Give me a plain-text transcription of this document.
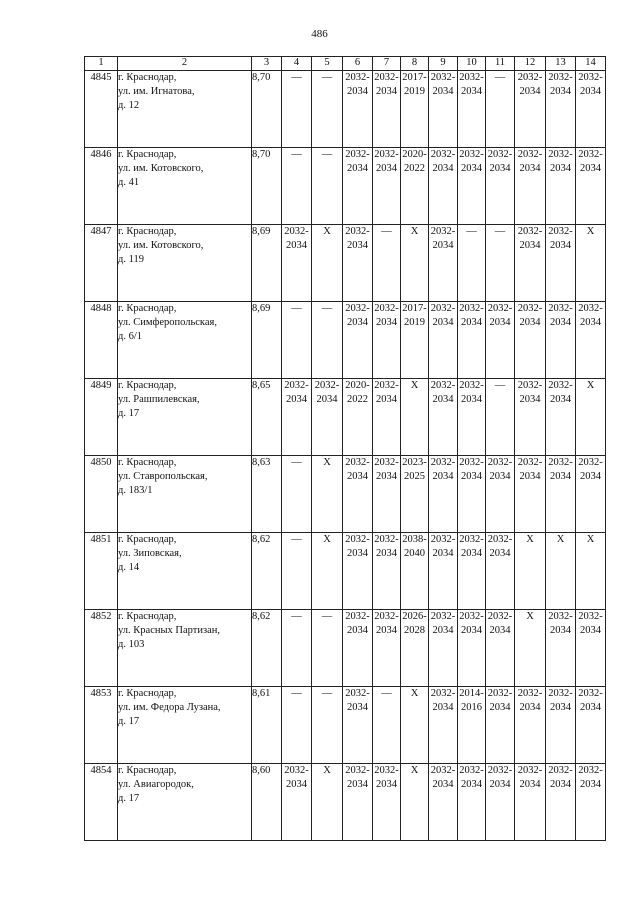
486
1	2	3	4	5	6	7	8	9	10	11	12	13	14
4845	г. Краснодар,
ул. им. Игнатова,
д. 12	8,70	—	—	2032-
2034	2032-
2034	2017-
2019	2032-
2034	2032-
2034	—	2032-
2034	2032-
2034	2032-
2034

4846	г. Краснодар,
ул. им. Котовского,
д. 41	8,70	—	—	2032-
2034	2032-
2034	2020-
2022	2032-
2034	2032-
2034	2032-
2034	2032-
2034	2032-
2034	2032-
2034

4847	г. Краснодар,
ул. им. Котовского,
д. 119	8,69	2032-
2034	X	2032-
2034	—	X	2032-
2034	—	—	2032-
2034	2032-
2034	X
4848	г. Краснодар,
ул. Симферопольская,
д. 6/1	8,69	—	—	2032-
2034	2032-
2034	2017-
2019	2032-
2034	2032-
2034	2032-
2034	2032-
2034	2032-
2034	2032-
2034

4849	г. Краснодар,
ул. Рашпилевская,
д. 17	8,65	2032-
2034	2032-
2034	2020-
2022	2032-
2034	X	2032-
2034	2032-
2034	—	2032-
2034	2032-
2034	X
4850	г. Краснодар,
ул. Ставропольская,
д. 183/1	8,63	—	X	2032-
2034	2032-
2034	2023-
2025	2032-
2034	2032-
2034	2032-
2034	2032-
2034	2032-
2034	2032-
2034

4851	г. Краснодар,
ул. Зиповская,
д. 14	8,62	—	X	2032-
2034	2032-
2034	2038-
2040	2032-
2034	2032-
2034	2032-
2034	X	X	X
4852	г. Краснодар,
ул. Красных Партизан,
д. 103	8,62	—	—	2032-
2034	2032-
2034	2026-
2028	2032-
2034	2032-
2034	2032-
2034	X	2032-
2034	2032-
2034

4853	г. Краснодар,
ул. им. Федора Лузана,
д. 17	8,61	—	—	2032-
2034	—	X	2032-
2034	2014-
2016	2032-
2034	2032-
2034	2032-
2034	2032-
2034

4854	г. Краснодар,
ул. Авиагородок,
д. 17	8,60	2032-
2034	X	2032-
2034	2032-
2034	X	2032-
2034	2032-
2034	2032-
2034	2032-
2034	2032-
2034	2032-
2034
